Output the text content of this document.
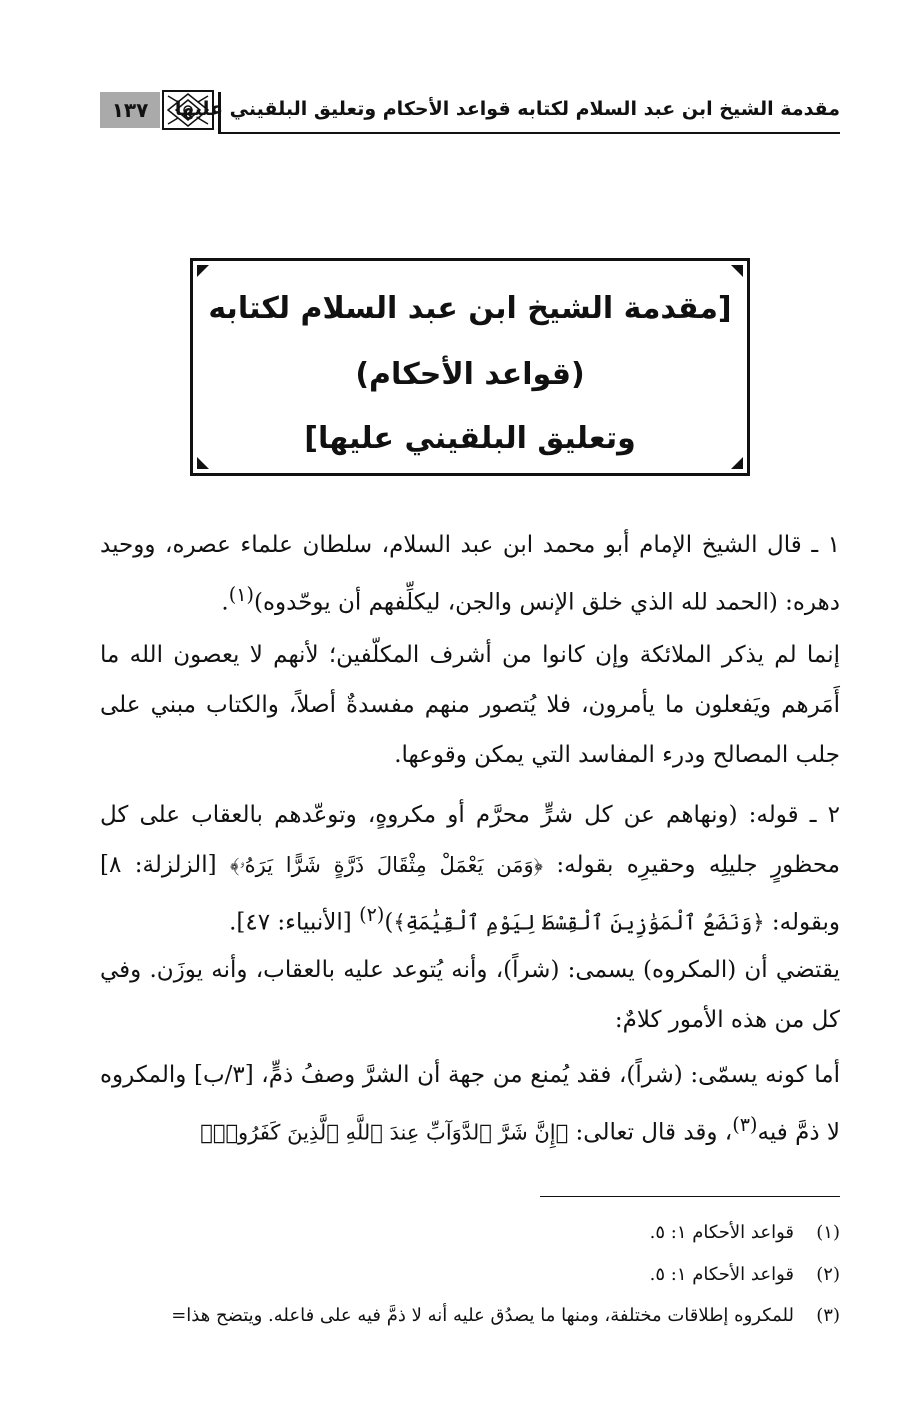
مقدمة الشيخ ابن عبد السلام لكتابه قواعد الأحكام وتعليق البلقيني عليها
١٣٧
[مقدمة الشيخ ابن عبد السلام لكتابه
(قواعد الأحكام)
وتعليق البلقيني عليها]
١ ـ قال الشيخ الإمام أبو محمد ابن عبد السلام، سلطان علماء عصره، ووحيد دهره: (الحمد لله الذي خلق الإنس والجن، ليكلِّفهم أن يوحّدوه)$^{(١)}$.
إنما لم يذكر الملائكة وإن كانوا من أشرف المكلّفين؛ لأنهم لا يعصون الله ما أَمَرهم ويَفعلون ما يأمرون، فلا يُتصور منهم مفسدةٌ أصلاً، والكتاب مبني على جلب المصالح ودرء المفاسد التي يمكن وقوعها.
٢ ـ قوله: (ونهاهم عن كل شرٍّ محرَّم أو مكروهٍ، وتوعّدهم بالعقاب على كل محظورٍ جليلِه وحقيرِه بقوله: ﴿وَمَن يَعْمَلْ مِثْقَالَ ذَرَّةٍ شَرًّا يَرَهُۥ﴾ [الزلزلة: ٨] وبقوله: ﴿وَنَضَعُ ٱلْمَوَٰزِينَ ٱلْقِسْطَ لِيَوْمِ ٱلْقِيَٰمَةِ﴾)$^{(٢)}$ [الأنبياء: ٤٧].
يقتضي أن (المكروه) يسمى: (شراً)، وأنه يُتوعد عليه بالعقاب، وأنه يوزَن. وفي كل من هذه الأمور كلامٌ:
أما كونه يسمّى: (شراً)، فقد يُمنع من جهة أن الشرَّ وصفُ ذمٍّ، [٣/ب] والمكروه لا ذمَّ فيه$^{(٣)}$، وقد قال تعالى: ﴿إِنَّ شَرَّ ٱلدَّوَآبِّ عِندَ ٱللَّهِ ٱلَّذِينَ كَفَرُوا۟﴾
(١)قواعد الأحكام ١: ٥.
(٢)قواعد الأحكام ١: ٥.
(٣)للمكروه إطلاقات مختلفة، ومنها ما يصدُق عليه أنه لا ذمَّ فيه على فاعله. ويتضح هذا=
